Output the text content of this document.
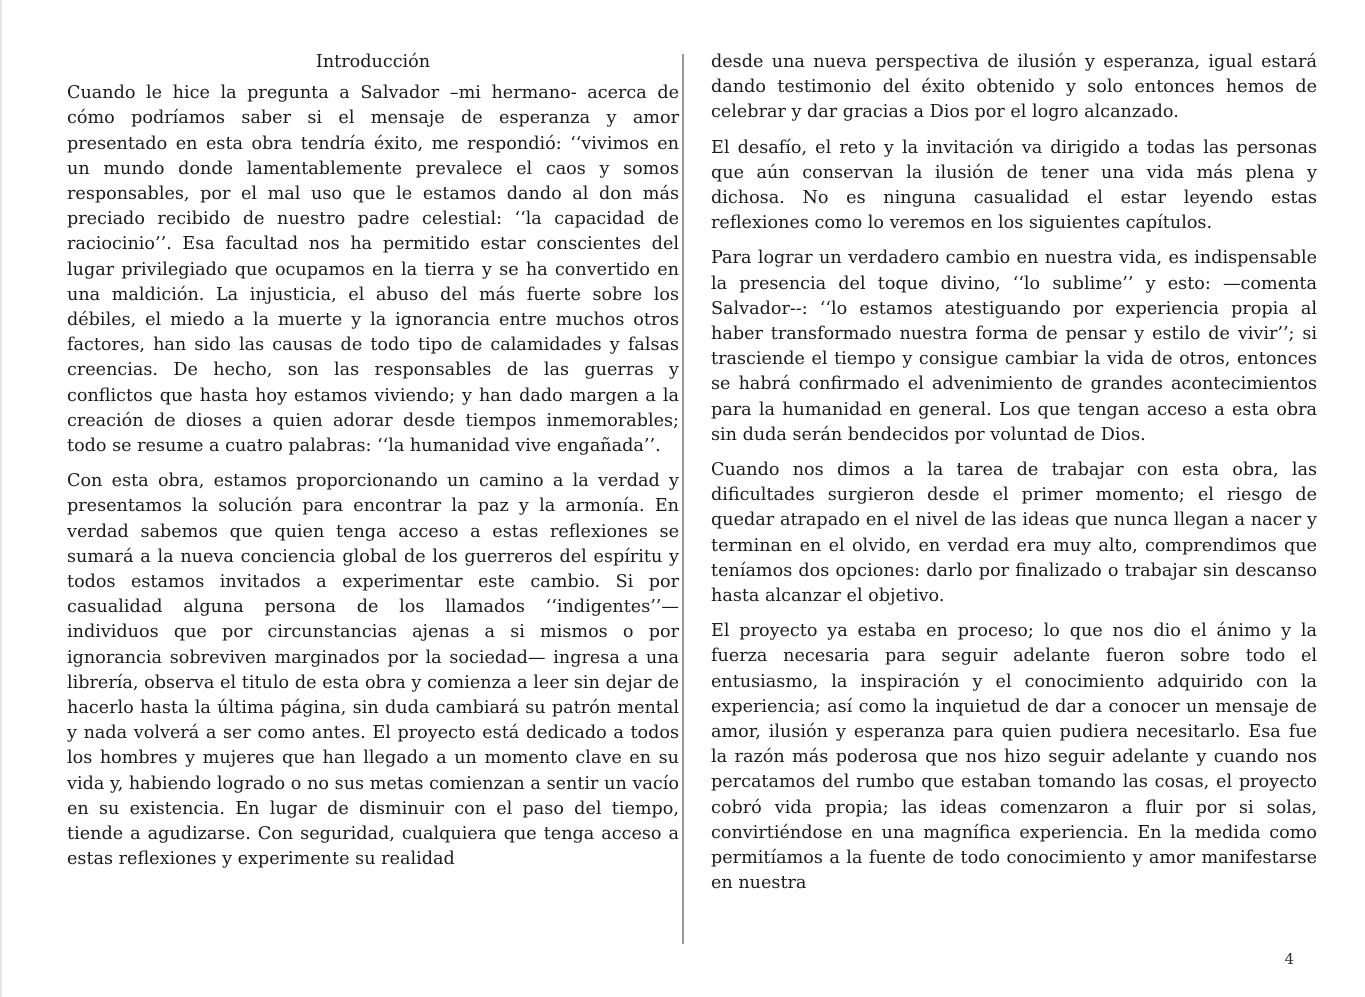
Introducción

Cuando le hice la pregunta a Salvador –mi hermano- acerca de cómo podríamos saber si el mensaje de esperanza y amor presentado en esta obra tendría éxito, me respondió: ‘‘vivimos en un mundo donde lamentablemente prevalece el caos y somos responsables, por el mal uso que le estamos dando al don más preciado recibido de nuestro padre celestial: ‘‘la capacidad de raciocinio’’. Esa facultad nos ha permitido estar conscientes del lugar privilegiado que ocupamos en la tierra y se ha convertido en una maldición. La injusticia, el abuso del más fuerte sobre los débiles, el miedo a la muerte y la ignorancia entre muchos otros factores, han sido las causas de todo tipo de calamidades y falsas creencias. De hecho, son las responsables de las guerras y conflictos que hasta hoy estamos viviendo; y han dado margen a la creación de dioses a quien adorar desde tiempos inmemorables; todo se resume a cuatro palabras: ‘‘la humanidad vive engañada’’.

Con esta obra, estamos proporcionando un camino a la verdad y presentamos la solución para encontrar la paz y la armonía. En verdad sabemos que quien tenga acceso a estas reflexiones se sumará a la nueva conciencia global de los guerreros del espíritu y todos estamos invitados a experimentar este cambio. Si por casualidad alguna persona de los llamados ‘‘indigentes’’—individuos que por circunstancias ajenas a si mismos o por ignorancia sobreviven marginados por la sociedad— ingresa a una librería, observa el titulo de esta obra y comienza a leer sin dejar de hacerlo hasta la última página, sin duda cambiará su patrón mental y nada volverá a ser como antes. El proyecto está dedicado a todos los hombres y mujeres que han llegado a un momento clave en su vida y, habiendo logrado o no sus metas comienzan a sentir un vacío en su existencia. En lugar de disminuir con el paso del tiempo, tiende a agudizarse. Con seguridad, cualquiera que tenga acceso a estas reflexiones y experimente su realidad

desde una nueva perspectiva de ilusión y esperanza, igual estará dando testimonio del éxito obtenido y solo entonces hemos de celebrar y dar gracias a Dios por el logro alcanzado.

El desafío, el reto y la invitación va dirigido a todas las personas que aún conservan la ilusión de tener una vida más plena y dichosa. No es ninguna casualidad el estar leyendo estas reflexiones como lo veremos en los siguientes capítulos.

Para lograr un verdadero cambio en nuestra vida, es indispensable la presencia del toque divino, ‘‘lo sublime’’ y esto: —comenta Salvador--: ‘‘lo estamos atestiguando por experiencia propia al haber transformado nuestra forma de pensar y estilo de vivir’’; si trasciende el tiempo y consigue cambiar la vida de otros, entonces se habrá confirmado el advenimiento de grandes acontecimientos para la humanidad en general. Los que tengan acceso a esta obra sin duda serán bendecidos por voluntad de Dios.

Cuando nos dimos a la tarea de trabajar con esta obra, las dificultades surgieron desde el primer momento; el riesgo de quedar atrapado en el nivel de las ideas que nunca llegan a nacer y terminan en el olvido, en verdad era muy alto, comprendimos que teníamos dos opciones: darlo por finalizado o trabajar sin descanso hasta alcanzar el objetivo.

El proyecto ya estaba en proceso; lo que nos dio el ánimo y la fuerza necesaria para seguir adelante fueron sobre todo el entusiasmo, la inspiración y el conocimiento adquirido con la experiencia; así como la inquietud de dar a conocer un mensaje de amor, ilusión y esperanza para quien pudiera necesitarlo. Esa fue la razón más poderosa que nos hizo seguir adelante y cuando nos percatamos del rumbo que estaban tomando las cosas, el proyecto cobró vida propia; las ideas comenzaron a fluir por si solas, convirtiéndose en una magnífica experiencia. En la medida como permitíamos a la fuente de todo conocimiento y amor manifestarse en nuestra

4
